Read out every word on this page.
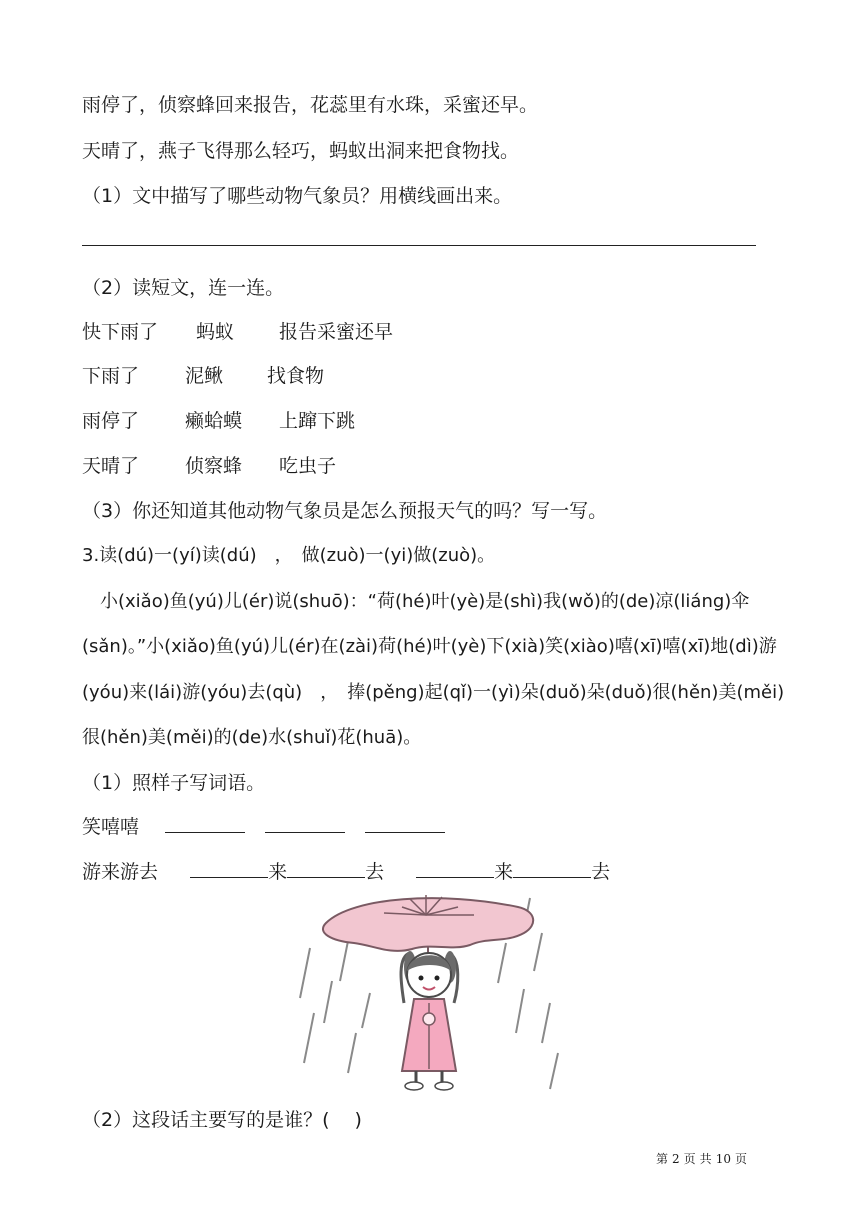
雨停了，侦察蜂回来报告，花蕊里有水珠，采蜜还早。
天晴了，燕子飞得那么轻巧，蚂蚁出洞来把食物找。
（1）文中描写了哪些动物气象员？用横线画出来。
（2）读短文，连一连。
快下雨了 蚂蚁 报告采蜜还早
下雨了 泥鳅 找食物
雨停了 癞蛤蟆 上蹿下跳
天晴了 侦察蜂 吃虫子
（3）你还知道其他动物气象员是怎么预报天气的吗？写一写。
3.读(dú)一(yí)读(dú)　，　做(zuò)一(yi)做(zuò)。
　小(xiǎo)鱼(yú)儿(ér)说(shuō)：“荷(hé)叶(yè)是(shì)我(wǒ)的(de)凉(liáng)伞
(sǎn)。”小(xiǎo)鱼(yú)儿(ér)在(zài)荷(hé)叶(yè)下(xià)笑(xiào)嘻(xī)嘻(xī)地(dì)游
(yóu)来(lái)游(yóu)去(qù)　，　捧(pěng)起(qǐ)一(yì)朵(duǒ)朵(duǒ)很(hěn)美(měi)
很(hěn)美(měi)的(de)水(shuǐ)花(huā)。
（1）照样子写词语。
笑嘻嘻
游来游去	来	去	来	去
（2）这段话主要写的是谁？(　 )
第 2 页 共 10 页
